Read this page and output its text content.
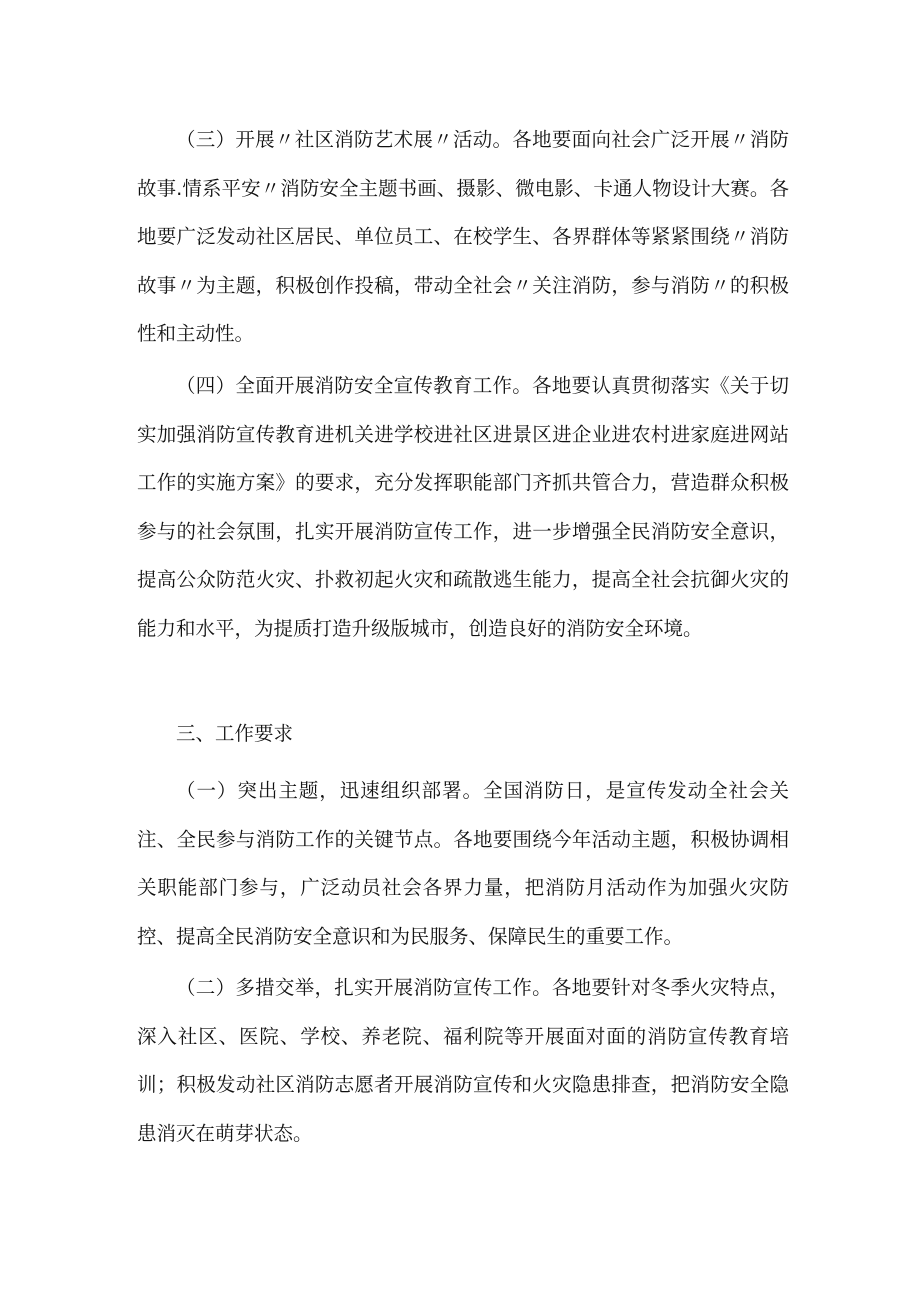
（三）开展〃社区消防艺术展〃活动。各地要面向社会广泛开展〃消防故事.情系平安〃消防安全主题书画、摄影、微电影、卡通人物设计大赛。各地要广泛发动社区居民、单位员工、在校学生、各界群体等紧紧围绕〃消防故事〃为主题，积极创作投稿，带动全社会〃关注消防，参与消防〃的积极性和主动性。

（四）全面开展消防安全宣传教育工作。各地要认真贯彻落实《关于切实加强消防宣传教育进机关进学校进社区进景区进企业进农村进家庭进网站工作的实施方案》的要求，充分发挥职能部门齐抓共管合力，营造群众积极参与的社会氛围，扎实开展消防宣传工作，进一步增强全民消防安全意识，提高公众防范火灾、扑救初起火灾和疏散逃生能力，提高全社会抗御火灾的能力和水平，为提质打造升级版城市，创造良好的消防安全环境。

三、工作要求

（一）突出主题，迅速组织部署。全国消防日，是宣传发动全社会关注、全民参与消防工作的关键节点。各地要围绕今年活动主题，积极协调相关职能部门参与，广泛动员社会各界力量，把消防月活动作为加强火灾防控、提高全民消防安全意识和为民服务、保障民生的重要工作。

（二）多措交举，扎实开展消防宣传工作。各地要针对冬季火灾特点，深入社区、医院、学校、养老院、福利院等开展面对面的消防宣传教育培训；积极发动社区消防志愿者开展消防宣传和火灾隐患排查，把消防安全隐患消灭在萌芽状态。
